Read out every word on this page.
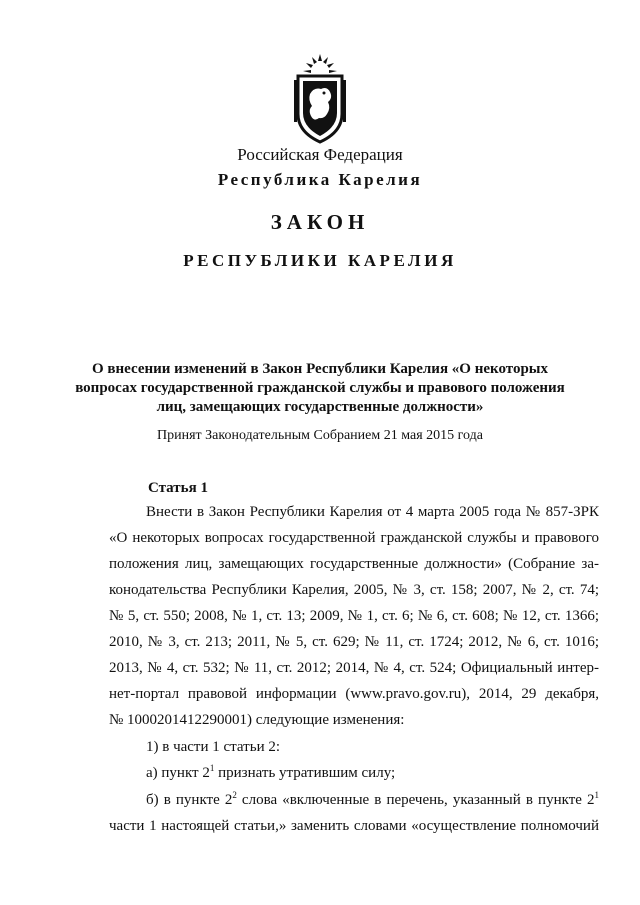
Российская Федерация
Республика Карелия
ЗАКОН
РЕСПУБЛИКИ КАРЕЛИЯ
О внесении изменений в Закон Республики Карелия «О некоторых
вопросах государственной гражданской службы и правового положения
лиц, замещающих государственные должности»
Принят Законодательным Собранием 21 мая 2015 года
Статья 1
Внести в Закон Республики Карелия от 4 марта 2005 года № 857-ЗРК
«О некоторых вопросах государственной гражданской службы и правового
положения лиц, замещающих государственные должности» (Собрание за-
конодательства Республики Карелия, 2005, № 3, ст. 158; 2007, № 2, ст. 74;
№ 5, ст. 550; 2008, № 1, ст. 13; 2009, № 1, ст. 6; № 6, ст. 608; № 12, ст. 1366;
2010, № 3, ст. 213; 2011, № 5, ст. 629; № 11, ст. 1724; 2012, № 6, ст. 1016;
2013, № 4, ст. 532; № 11, ст. 2012; 2014, № 4, ст. 524; Официальный интер-
нет-портал правовой информации (www.pravo.gov.ru), 2014, 29 декабря,
№ 1000201412290001) следующие изменения:
1) в части 1 статьи 2:
а) пункт $2^1$ признать утратившим силу;
б) в пункте $2^2$ слова «включенные в перечень, указанный в пункте $2^1$
части 1 настоящей статьи,» заменить словами «осуществление полномочий
